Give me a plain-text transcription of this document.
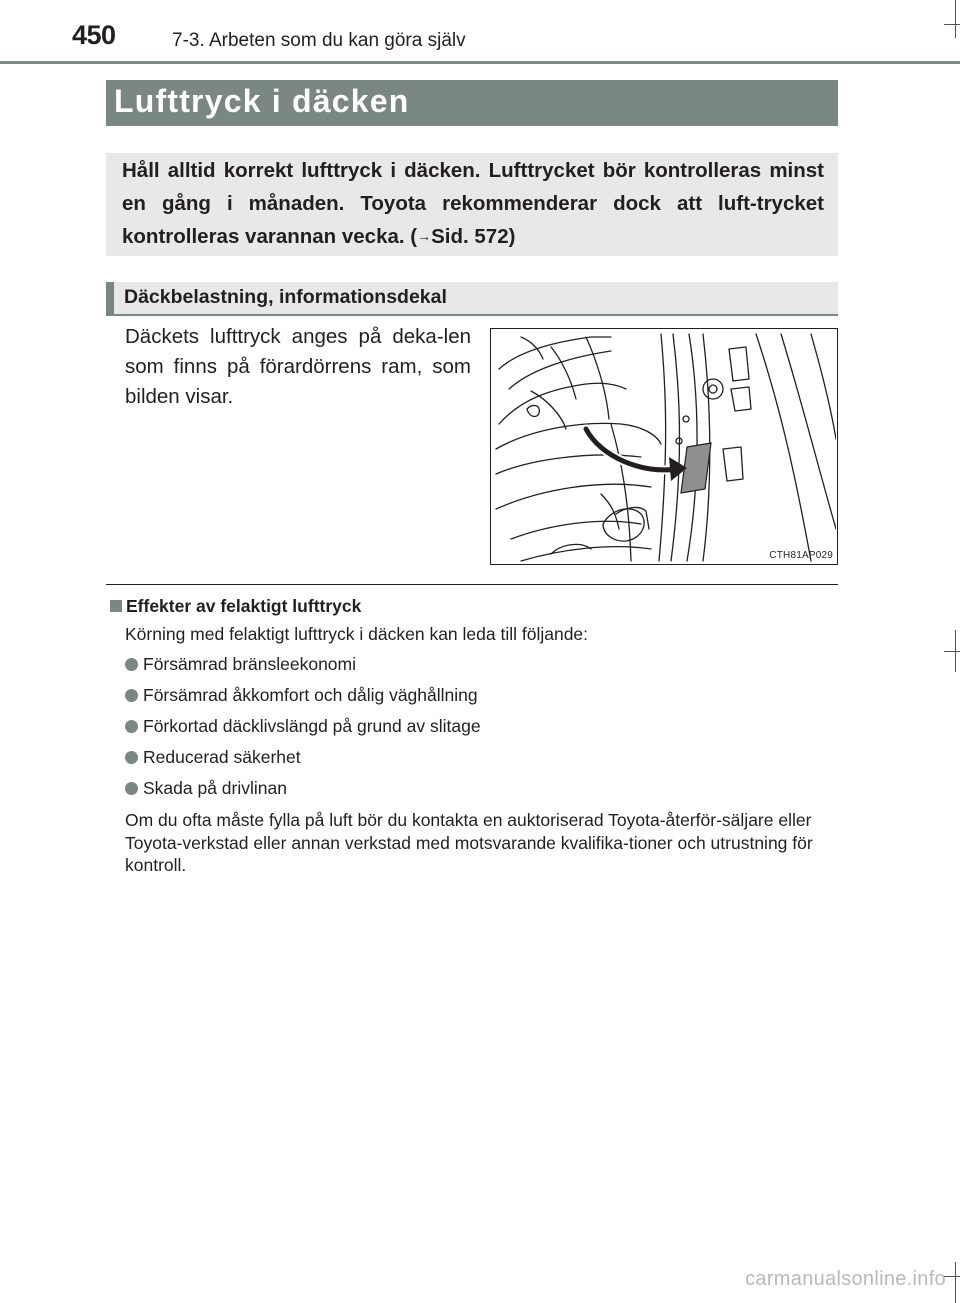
450	7-3. Arbeten som du kan göra själv
Lufttryck i däcken
Håll alltid korrekt lufttryck i däcken. Lufttrycket bör kontrolleras minst en gång i månaden. Toyota rekommenderar dock att luft-trycket kontrolleras varannan vecka. (→Sid. 572)
Däckbelastning, informationsdekal
Däckets lufttryck anges på deka-len som finns på förardörrens ram, som bilden visar.
CTH81AP029
Effekter av felaktigt lufttryck
Körning med felaktigt lufttryck i däcken kan leda till följande:
Försämrad bränsleekonomi
Försämrad åkkomfort och dålig väghållning
Förkortad däcklivslängd på grund av slitage
Reducerad säkerhet
Skada på drivlinan
Om du ofta måste fylla på luft bör du kontakta en auktoriserad Toyota-återför-säljare eller Toyota-verkstad eller annan verkstad med motsvarande kvalifika-tioner och utrustning för kontroll.
carmanualsonline.info
